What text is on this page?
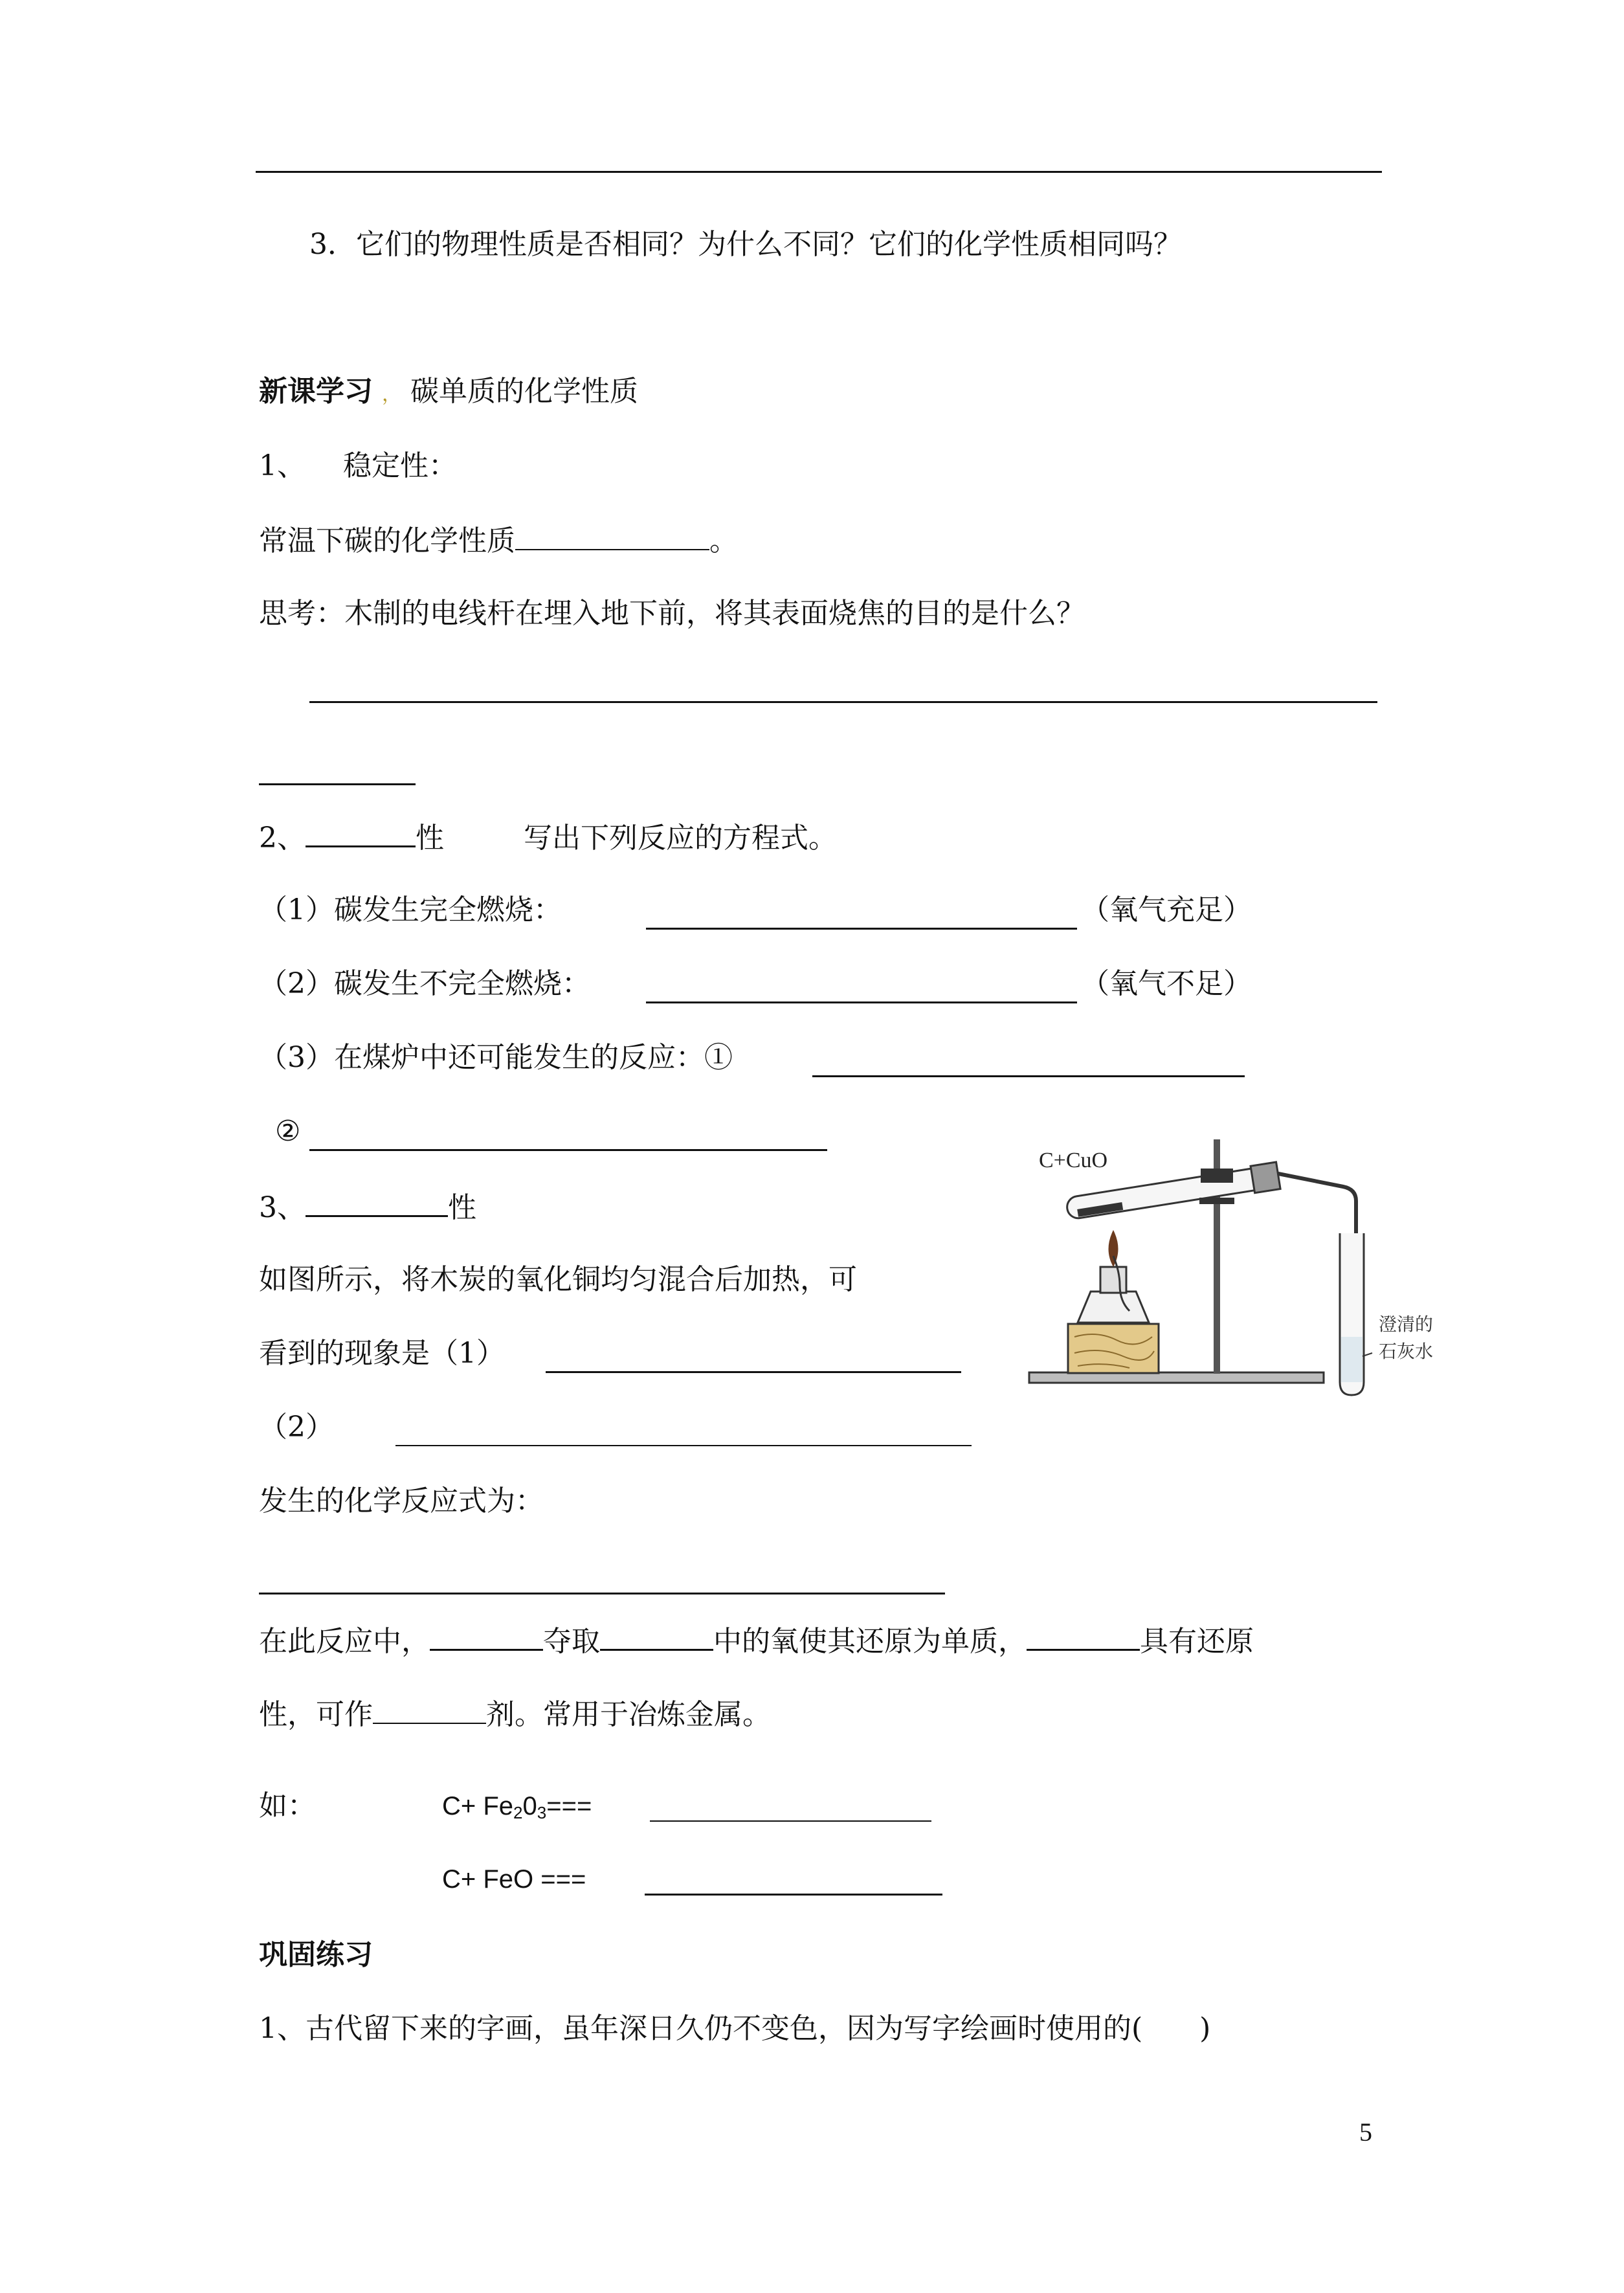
3．它们的物理性质是否相同？为什么不同？它们的化学性质相同吗？
新课学习 ， 碳单质的化学性质
1、 稳定性：
常温下碳的化学性质	。
思考：木制的电线杆在埋入地下前，将其表面烧焦的目的是什么？
2、	性	写出下列反应的方程式。
（1）碳发生完全燃烧：	（氧气充足）
（2）碳发生不完全燃烧：	（氧气不足）
（3）在煤炉中还可能发生的反应：①
②
3、	性
如图所示，将木炭的氧化铜均匀混合后加热，可
看到的现象是（1）
（2）
发生的化学反应式为：
在此反应中，	夺取	中的氧使其还原为单质，	具有还原
性，可作	剂。常用于冶炼金属。
如：	$C+ Fe_20_3===$
C+ FeO ===
巩固练习
1、古代留下来的字画，虽年深日久仍不变色，因为写字绘画时使用的(　　)
5
C+CuO
澄清的
石灰水
